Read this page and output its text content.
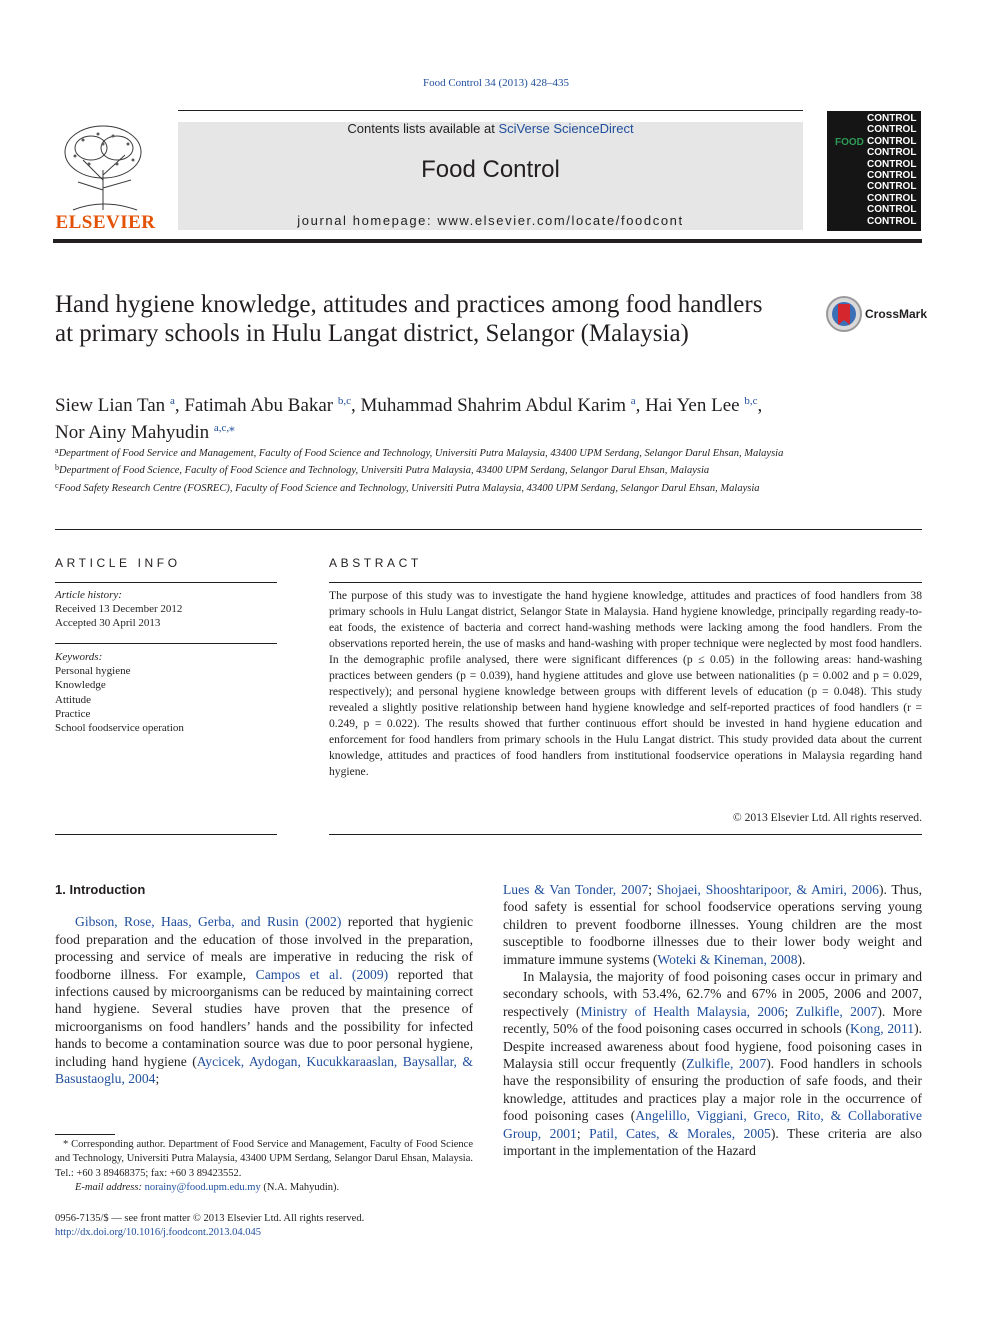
Food Control 34 (2013) 428–435
ELSEVIER
Contents lists available at SciVerse ScienceDirect
Food Control
journal homepage: www.elsevier.com/locate/foodcont
FOOD
CONTROL
CONTROL
CONTROL
CONTROL
CONTROL
CONTROL
CONTROL
CONTROL
CONTROL
CONTROL
Hand hygiene knowledge, attitudes and practices among food handlers at primary schools in Hulu Langat district, Selangor (Malaysia)
CrossMark
Siew Lian Tan $^a$, Fatimah Abu Bakar $^{b,c}$, Muhammad Shahrim Abdul Karim $^a$, Hai Yen Lee $^{b,c}$,
Nor Ainy Mahyudin $^{a,c,⁎}$
$^a$Department of Food Service and Management, Faculty of Food Science and Technology, Universiti Putra Malaysia, 43400 UPM Serdang, Selangor Darul Ehsan, Malaysia
$^b$Department of Food Science, Faculty of Food Science and Technology, Universiti Putra Malaysia, 43400 UPM Serdang, Selangor Darul Ehsan, Malaysia
$^c$Food Safety Research Centre (FOSREC), Faculty of Food Science and Technology, Universiti Putra Malaysia, 43400 UPM Serdang, Selangor Darul Ehsan, Malaysia
ARTICLE INFO	ABSTRACT
Article history:
Received 13 December 2012
Accepted 30 April 2013
Keywords:
Personal hygiene
Knowledge
Attitude
Practice
School foodservice operation
The purpose of this study was to investigate the hand hygiene knowledge, attitudes and practices of food handlers from 38 primary schools in Hulu Langat district, Selangor State in Malaysia. Hand hygiene knowledge, principally regarding ready-to-eat foods, the existence of bacteria and correct hand-washing methods were lacking among the food handlers. From the observations reported herein, the use of masks and hand-washing with proper technique were neglected by most food handlers. In the demographic profile analysed, there were significant differences (p ≤ 0.05) in the following areas: hand-washing practices between genders (p = 0.039), hand hygiene attitudes and glove use between nationalities (p = 0.002 and p = 0.029, respectively); and personal hygiene knowledge between groups with different levels of education (p = 0.048). This study revealed a slightly positive relationship between hand hygiene knowledge and self-reported practices of food handlers (r = 0.249, p = 0.022). The results showed that further continuous effort should be invested in hand hygiene education and enforcement for food handlers from primary schools in the Hulu Langat district. This study provided data about the current knowledge, attitudes and practices of food handlers from institutional foodservice operations in Malaysia regarding hand hygiene.
© 2013 Elsevier Ltd. All rights reserved.
1. Introduction

Gibson, Rose, Haas, Gerba, and Rusin (2002) reported that hygienic food preparation and the education of those involved in the preparation, processing and service of meals are imperative in reducing the risk of foodborne illness. For example, Campos et al. (2009) reported that infections caused by microorganisms can be reduced by maintaining correct hand hygiene. Several studies have proven that the presence of microorganisms on food handlers’ hands and the possibility for infected hands to become a contamination source was due to poor personal hygiene, including hand hygiene (Aycicek, Aydogan, Kucukkaraaslan, Baysallar, & Basustaoglu, 2004;

Lues & Van Tonder, 2007; Shojaei, Shooshtaripoor, & Amiri, 2006). Thus, food safety is essential for school foodservice operations serving young children to prevent foodborne illnesses. Young children are the most susceptible to foodborne illnesses due to their lower body weight and immature immune systems (Woteki & Kineman, 2008).

In Malaysia, the majority of food poisoning cases occur in primary and secondary schools, with 53.4%, 62.7% and 67% in 2005, 2006 and 2007, respectively (Ministry of Health Malaysia, 2006; Zulkifle, 2007). More recently, 50% of the food poisoning cases occurred in schools (Kong, 2011). Despite increased awareness about food hygiene, food poisoning cases in Malaysia still occur frequently (Zulkifle, 2007). Food handlers in schools have the responsibility of ensuring the production of safe foods, and their knowledge, attitudes and practices play a major role in the occurrence of food poisoning cases (Angelillo, Viggiani, Greco, Rito, & Collaborative Group, 2001; Patil, Cates, & Morales, 2005). These criteria are also important in the implementation of the Hazard

* Corresponding author. Department of Food Service and Management, Faculty of Food Science and Technology, Universiti Putra Malaysia, 43400 UPM Serdang, Selangor Darul Ehsan, Malaysia. Tel.: +60 3 89468375; fax: +60 3 89423552.
E-mail address: norainy@food.upm.edu.my (N.A. Mahyudin).
0956-7135/$ — see front matter © 2013 Elsevier Ltd. All rights reserved.
http://dx.doi.org/10.1016/j.foodcont.2013.04.045
